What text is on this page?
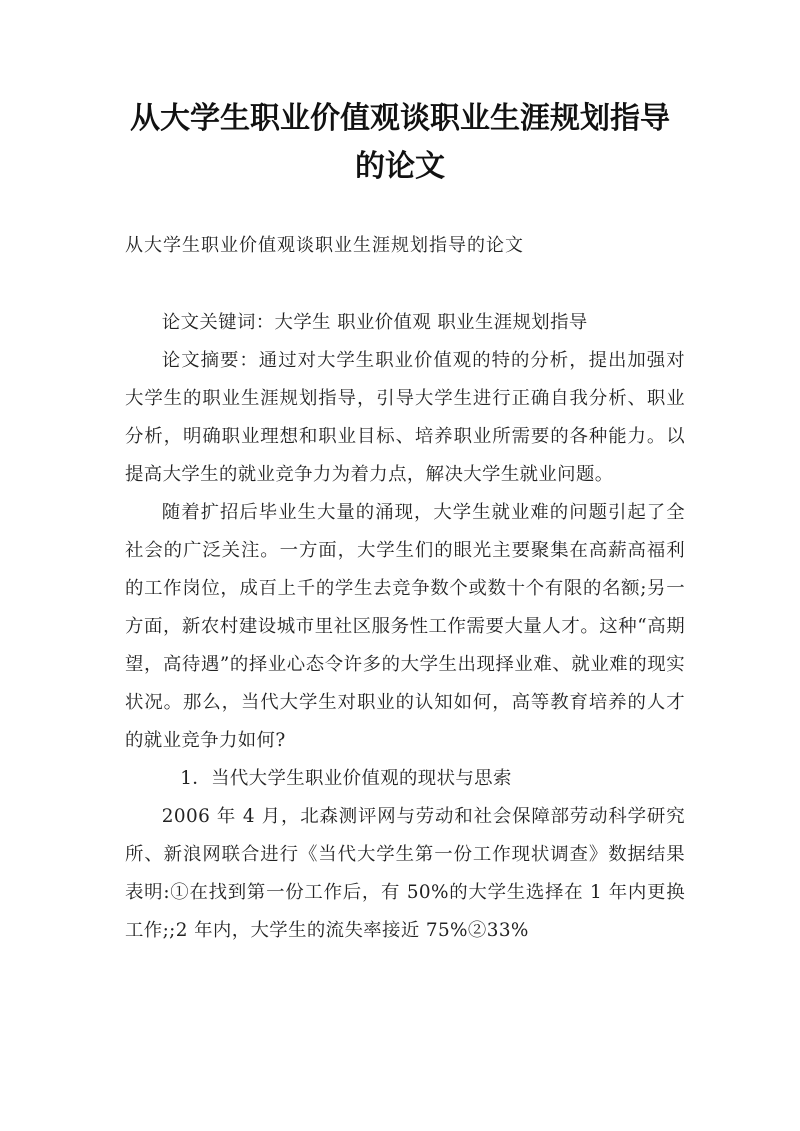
从大学生职业价值观谈职业生涯规划指导
的论文

从大学生职业价值观谈职业生涯规划指导的论文

论文关键词：大学生 职业价值观 职业生涯规划指导

论文摘要：通过对大学生职业价值观的特的分析，提出加强对大学生的职业生涯规划指导，引导大学生进行正确自我分析、职业分析，明确职业理想和职业目标、培养职业所需要的各种能力。以提高大学生的就业竞争力为着力点，解决大学生就业问题。

随着扩招后毕业生大量的涌现，大学生就业难的问题引起了全社会的广泛关注。一方面，大学生们的眼光主要聚集在高薪高福利的工作岗位，成百上千的学生去竞争数个或数十个有限的名额;另一方面，新农村建设城市里社区服务性工作需要大量人才。这种“高期望，高待遇”的择业心态令许多的大学生出现择业难、就业难的现实状况。那么，当代大学生对职业的认知如何，高等教育培养的人才的就业竞争力如何?

1．当代大学生职业价值观的现状与思索

2006 年 4 月，北森测评网与劳动和社会保障部劳动科学研究所、新浪网联合进行《当代大学生第一份工作现状调查》数据结果表明:①在找到第一份工作后，有 50%的大学生选择在 1 年内更换工作;;2 年内，大学生的流失率接近 75%②33%
